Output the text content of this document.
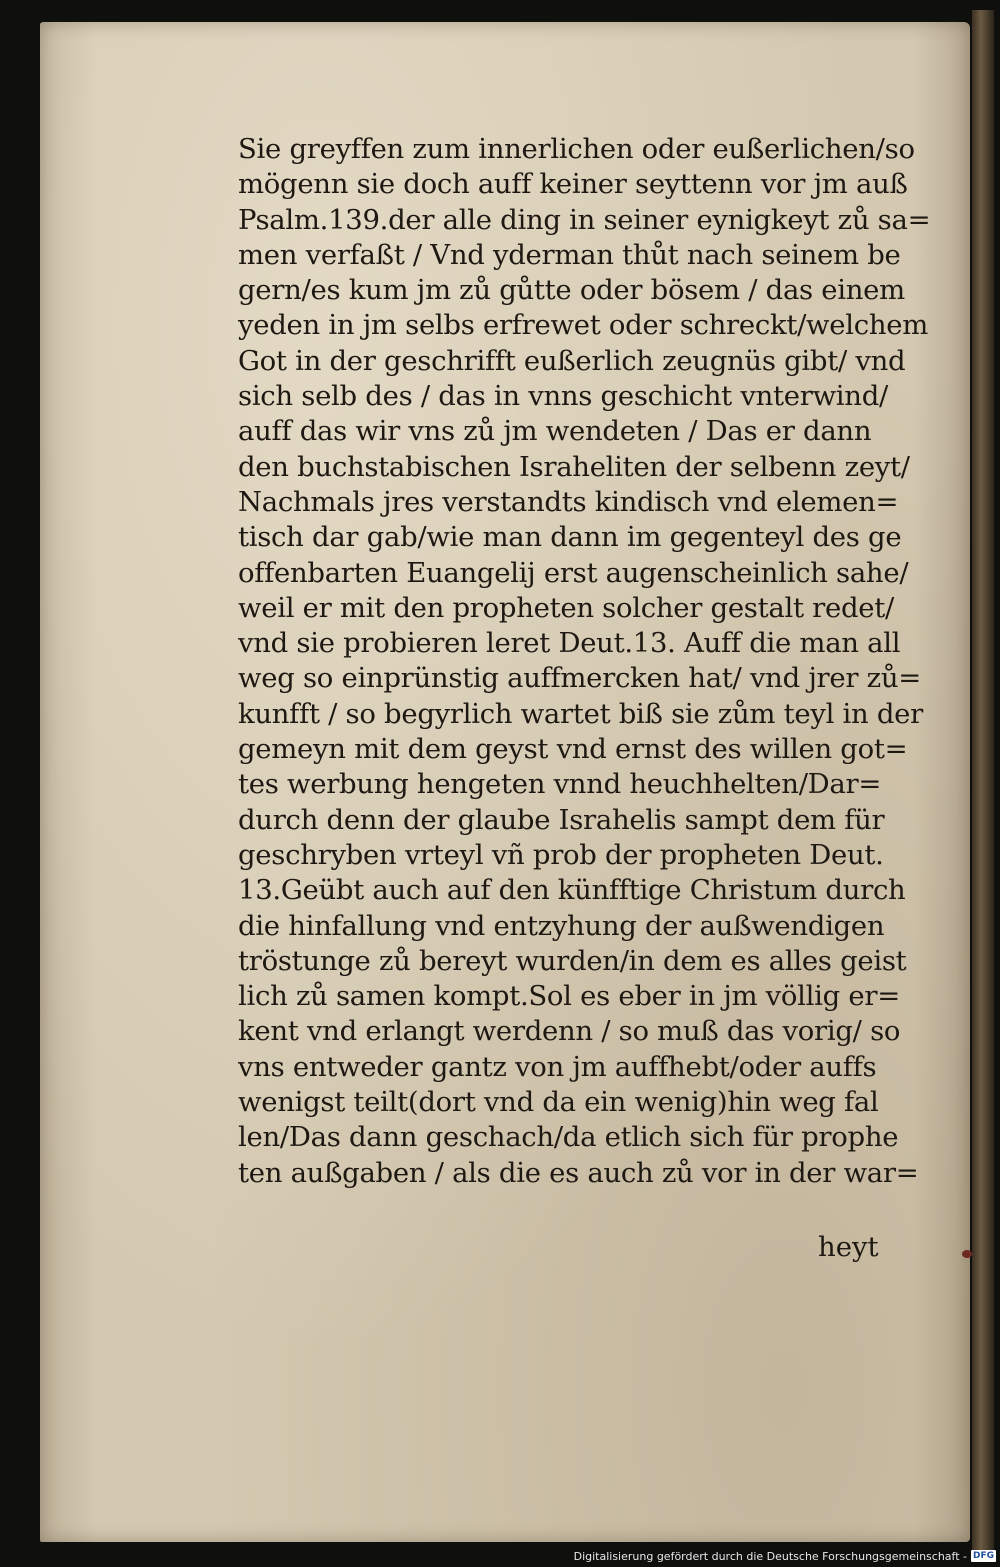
Sie greyffen zum innerlichen oder eußerlichen/so
mögenn sie doch auff keiner seyttenn vor jm auß
Psalm.139.der alle ding in seiner eynigkeyt zů sa=
men verfaßt / Vnd yderman thůt nach seinem be
gern/es kum jm zů gůtte oder bösem / das einem
yeden in jm selbs erfrewet oder schreckt/welchem
Got in der geschrifft eußerlich zeugnüs gibt/ vnd
sich selb des / das in vnns geschicht vnterwind/
auff das wir vns zů jm wendeten / Das er dann
den buchstabischen Israheliten der selbenn zeyt/
Nachmals jres verstandts kindisch vnd elemen=
tisch dar gab/wie man dann im gegenteyl des ge
offenbarten Euangelij erst augenscheinlich sahe/
weil er mit den propheten solcher gestalt redet/
vnd sie probieren leret Deut.13. Auff die man all
weg so einprünstig auffmercken hat/ vnd jrer zů=
kunfft / so begyrlich wartet biß sie zům teyl in der
gemeyn mit dem geyst vnd ernst des willen got=
tes werbung hengeten vnnd heuchhelten/Dar=
durch denn der glaube Israhelis sampt dem für
geschryben vrteyl vñ prob der propheten Deut.
13.Geübt auch auf den künfftige Christum durch
die hinfallung vnd entzyhung der außwendigen
tröstunge zů bereyt wurden/in dem es alles geist
lich zů samen kompt.Sol es eber in jm völlig er=
kent vnd erlangt werdenn / so muß das vorig/ so
vns entweder gantz von jm auffhebt/oder auffs
wenigst teilt(dort vnd da ein wenig)hin weg fal
len/Das dann geschach/da etlich sich für prophe
ten außgaben / als die es auch zů vor in der war=
heyt
Digitalisierung gefördert durch die Deutsche Forschungsgemeinschaft - DFG
